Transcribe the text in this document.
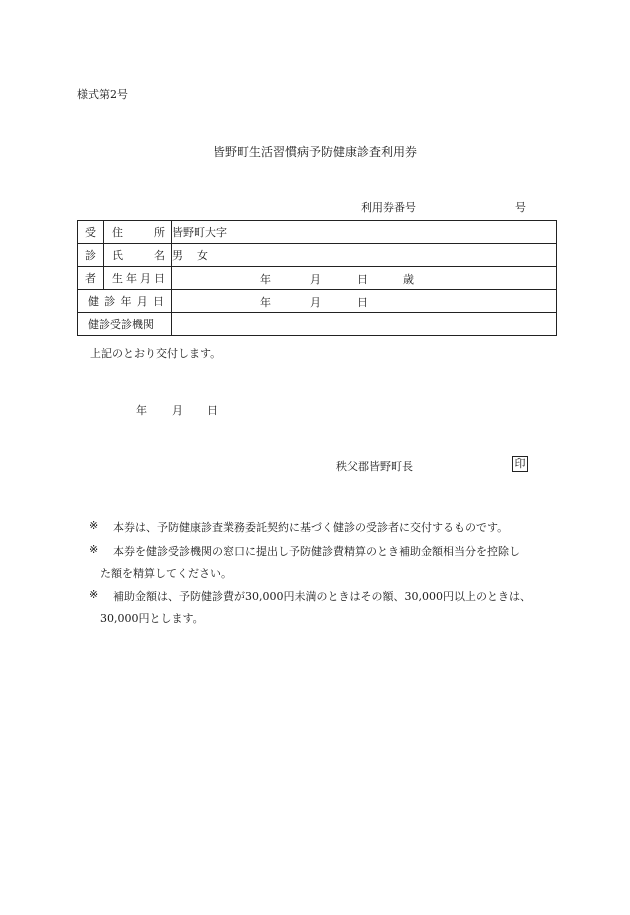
様式第2号
皆野町生活習慣病予防健康診査利用券
利用券番号	号
受	住 所	皆野町大字
診	氏 名	男 女
者	生 年 月 日	年 月 日 歳

健 診 年 月 日		年 月 日

健診受診機関		
上記のとおり交付します。
年 月 日
秩父郡皆野町長	印
※ 本券は、予防健康診査業務委託契約に基づく健診の受診者に交付するものです。
※ 本券を健診受診機関の窓口に提出し予防健診費精算のとき補助金額相当分を控除し
た額を精算してください。
※ 補助金額は、予防健診費が30,000円未満のときはその額、30,000円以上のときは、
30,000円とします。
